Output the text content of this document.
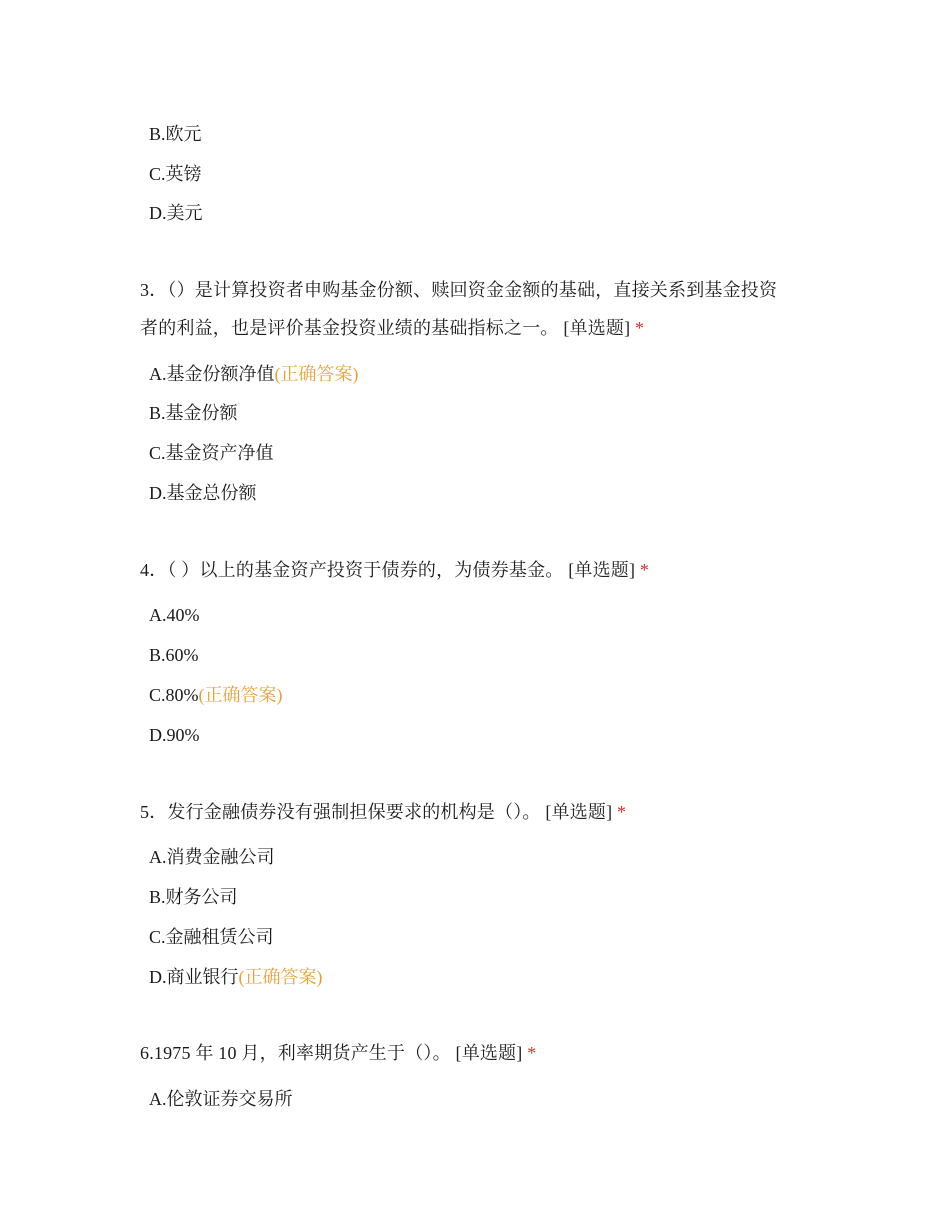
B.欧元
C.英镑
D.美元
3．（）是计算投资者申购基金份额、赎回资金金额的基础，直接关系到基金投资
者的利益，也是评价基金投资业绩的基础指标之一。 [单选题] *
A.基金份额净值(正确答案)
B.基金份额
C.基金资产净值
D.基金总份额
4．（ ）以上的基金资产投资于债券的，为债券基金。 [单选题] *
A.40%
B.60%
C.80%(正确答案)
D.90%
5．发行金融债券没有强制担保要求的机构是（）。 [单选题] *
A.消费金融公司
B.财务公司
C.金融租赁公司
D.商业银行(正确答案)
6.1975 年 10 月，利率期货产生于（）。 [单选题] *
A.伦敦证券交易所
